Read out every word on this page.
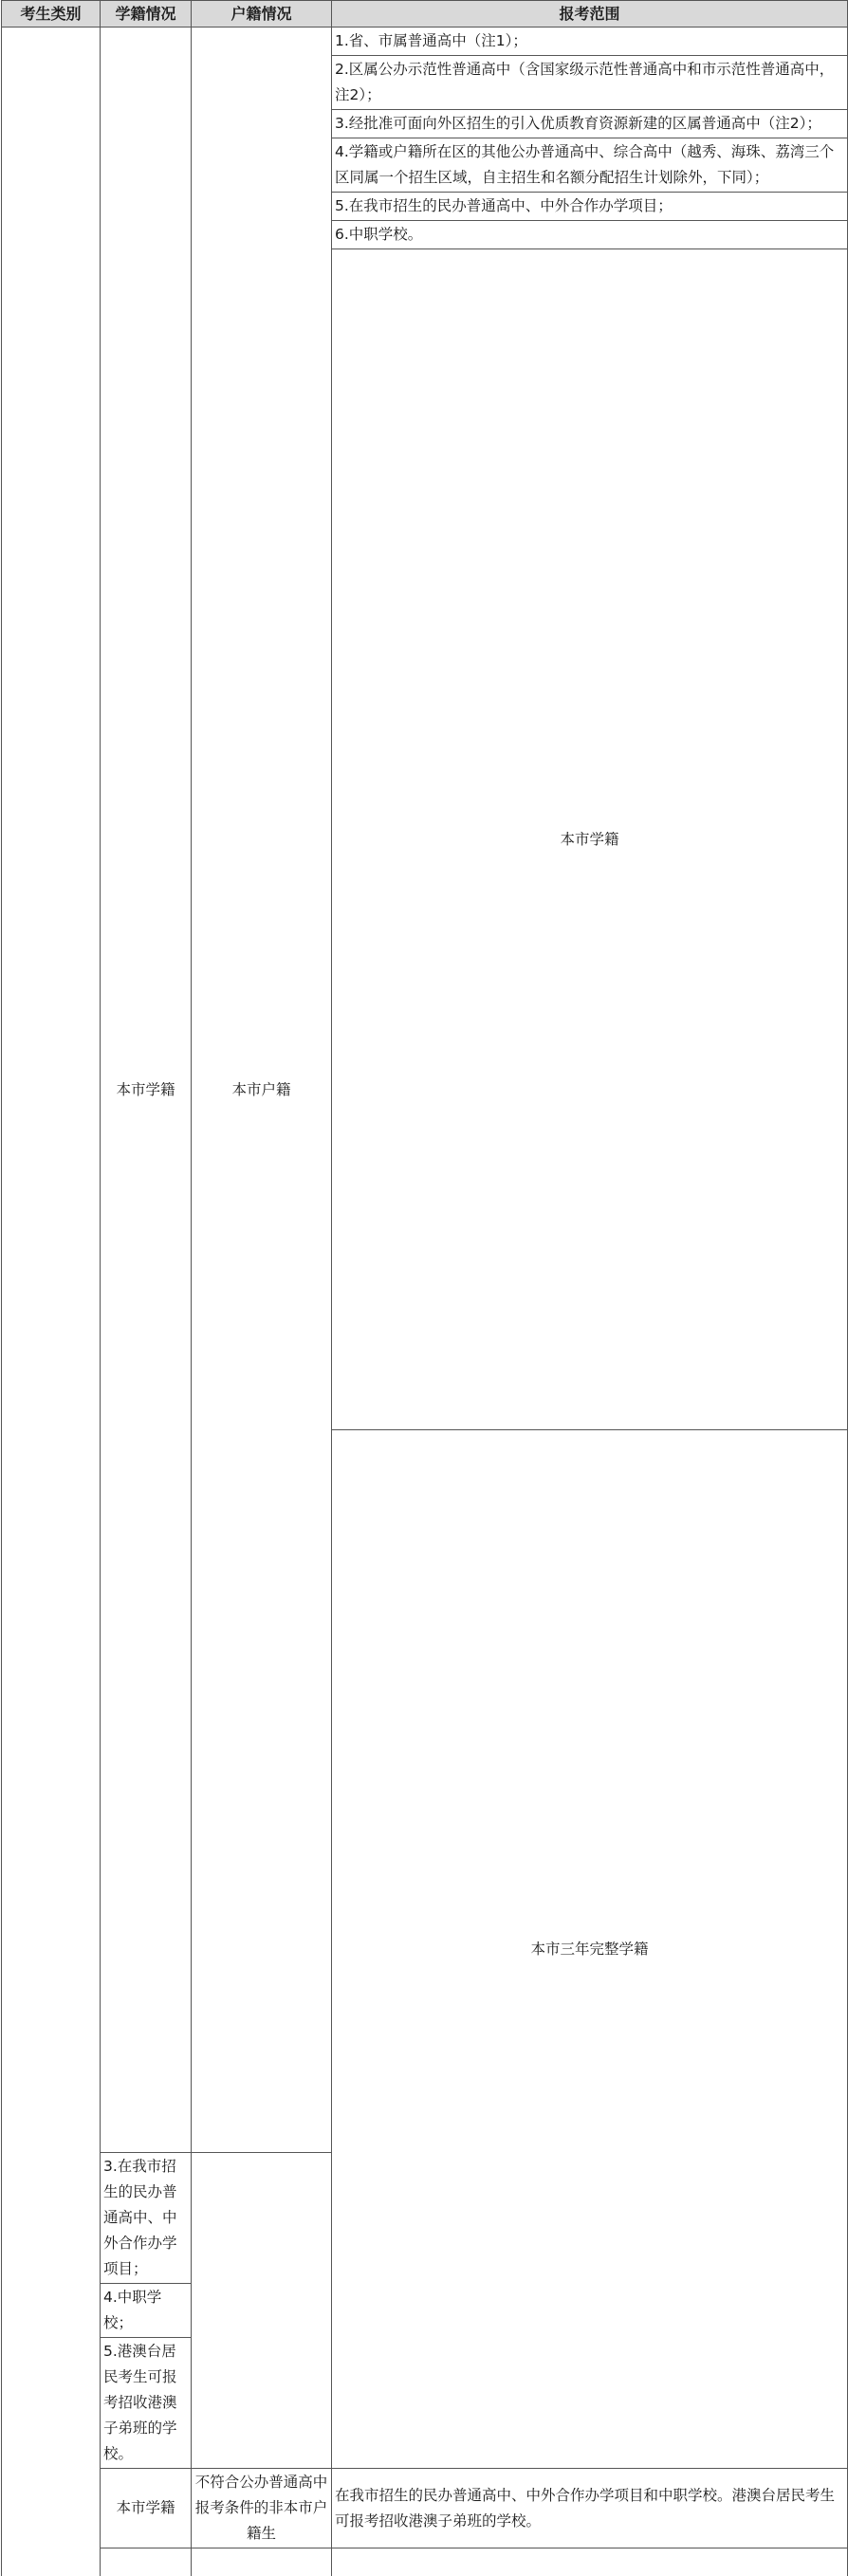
考生类别	学籍情况	户籍情况	报考范围	
	本市学籍	本市户籍	1.省、市属普通高中（注1）；	
			2.区属公办示范性普通高中（含国家级示范性普通高中和市示范性普通高中，注2）；	
			3.经批准可面向外区招生的引入优质教育资源新建的区属普通高中（注2）；	
			4.学籍或户籍所在区的其他公办普通高中、综合高中（越秀、海珠、荔湾三个区同属一个招生区域，自主招生和名额分配招生计划除外，下同）；	
			5.在我市招生的民办普通高中、中外合作办学项目；	
			6.中职学校。	
			本市学籍		
			本市三年完整学籍		

	3.在我市招生的民办普通高中、中外合作办学项目；			
	4.中职学校；			
	5.港澳台居民考生可报考招收港澳子弟班的学校。			
	本市学籍	不符合公办普通高中报考条件的非本市户籍生	在我市招生的民办普通高中、中外合作办学项目和中职学校。港澳台居民考生可报考招收港澳子弟班的学校。	
